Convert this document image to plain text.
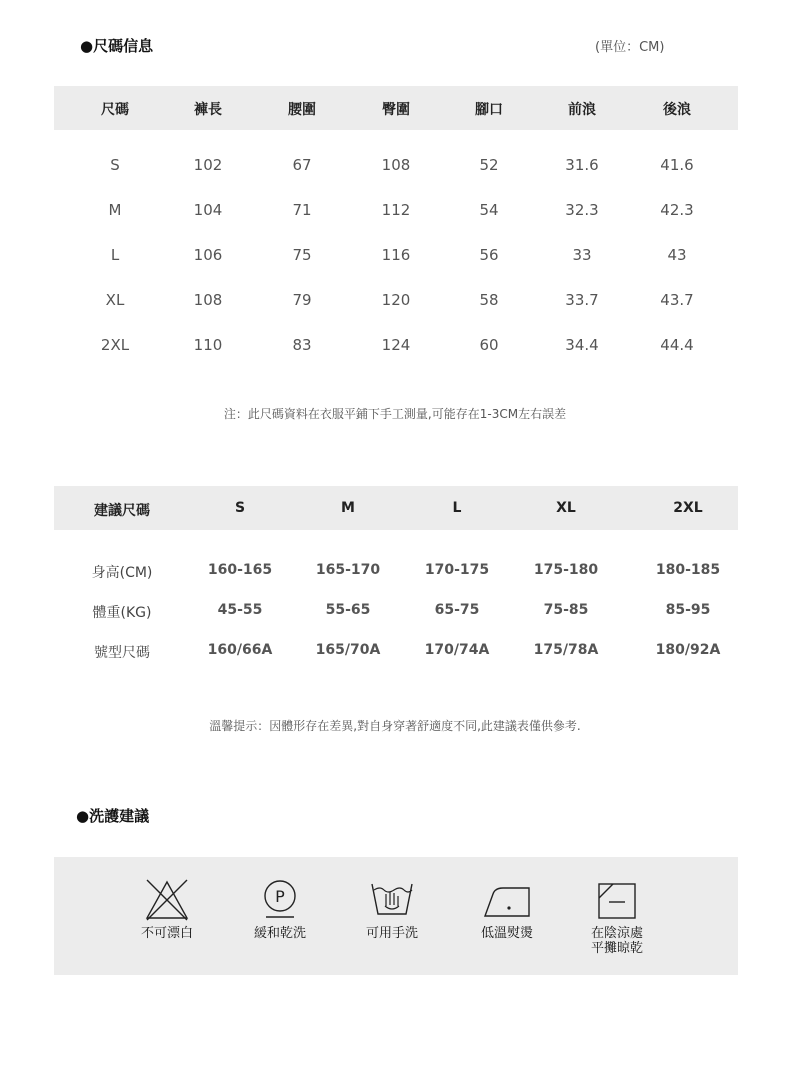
●尺碼信息	(單位：CM)
尺碼	褲長	腰圍	臀圍	腳口	前浪	後浪
S	102	67	108	52	31.6	41.6
M	104	71	112	54	32.3	42.3
L	106	75	116	56	33	43
XL	108	79	120	58	33.7	43.7
2XL	110	83	124	60	34.4	44.4
注：此尺碼資料在衣服平鋪下手工測量,可能存在1-3CM左右誤差
建議尺碼	S	M	L	XL	2XL
身高(CM)	160-165	165-170	170-175	175-180	180-185
體重(KG)	45-55	55-65	65-75	75-85	85-95
號型尺碼	160/66A	165/70A	170/74A	175/78A	180/92A
溫馨提示：因體形存在差異,對自身穿著舒適度不同,此建議表僅供參考.
●洗護建議
不可漂白
P
緩和乾洗	可用手洗	低溫熨燙	在陰涼處
平攤晾乾
